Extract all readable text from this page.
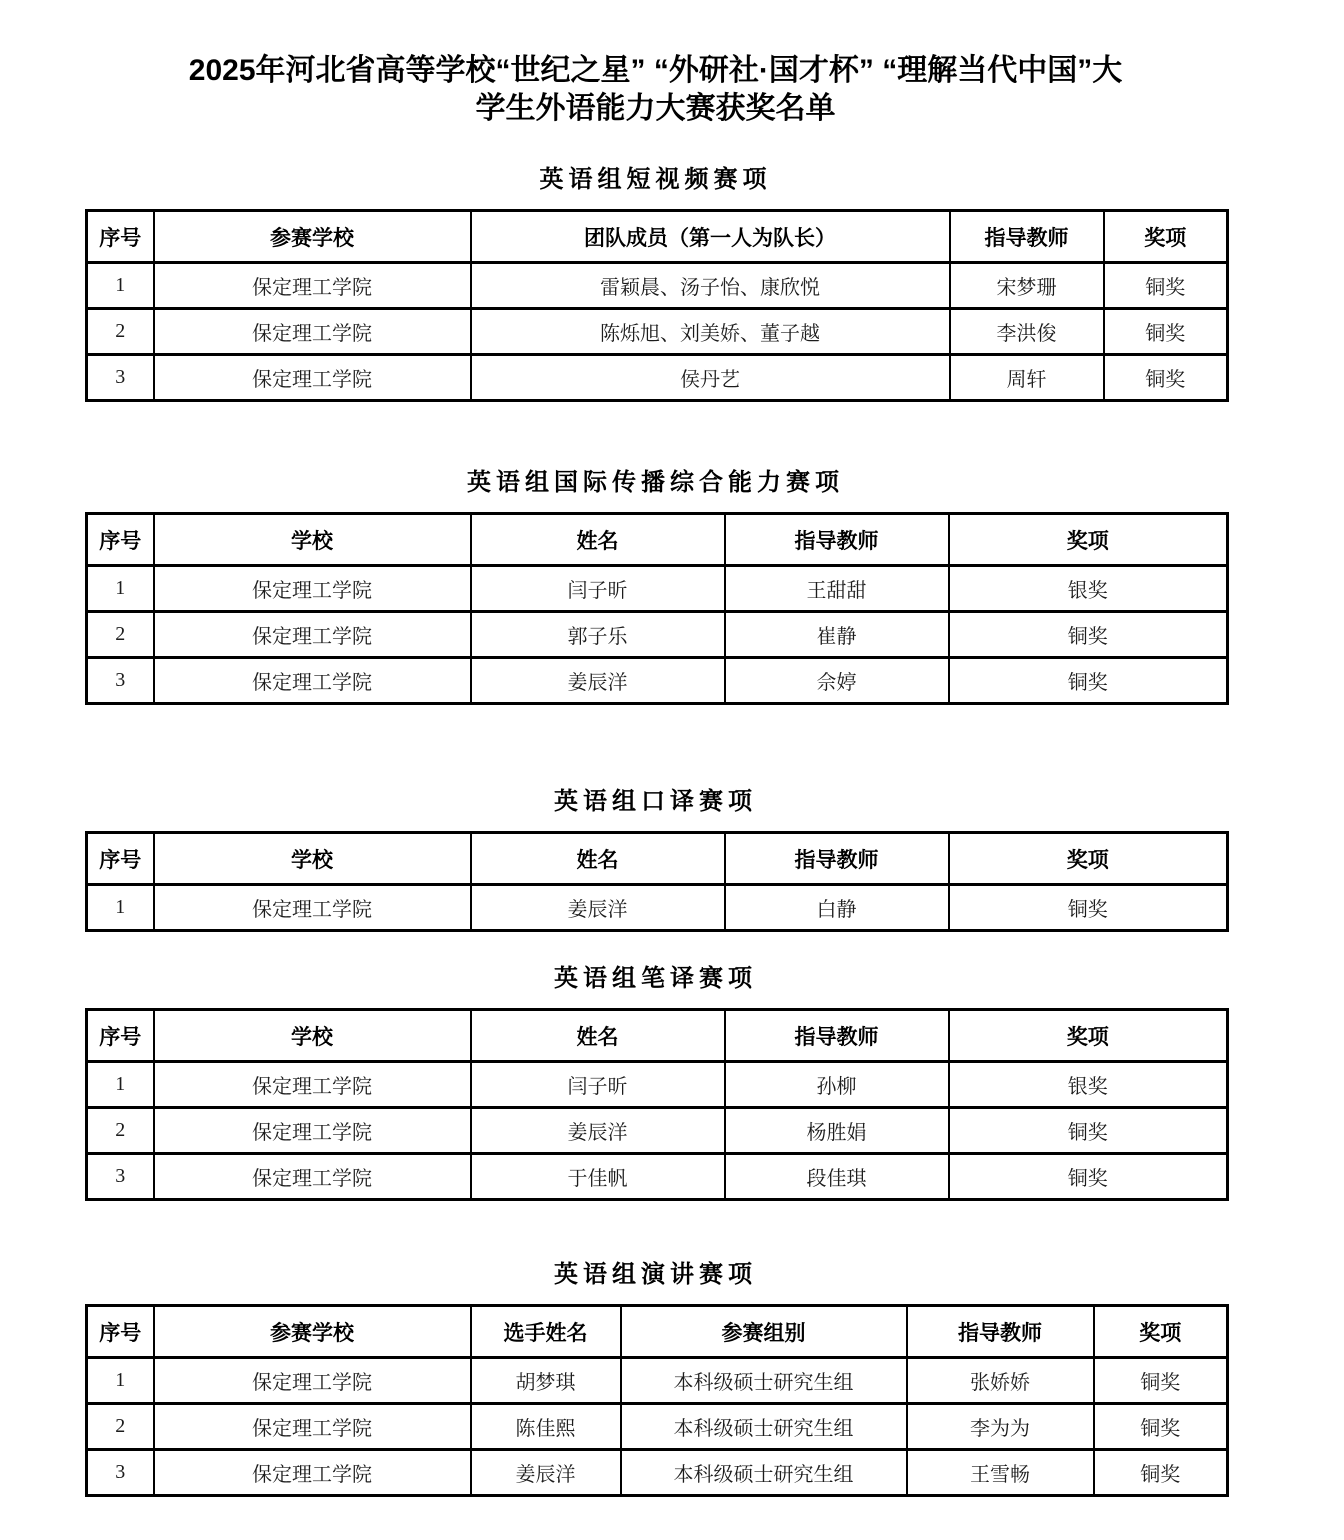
2025年河北省高等学校“世纪之星” “外研社·国才杯” “理解当代中国”大
学生外语能力大赛获奖名单
英语组短视频赛项
序号	参赛学校	团队成员（第一人为队长）	指导教师	奖项
1	保定理工学院	雷颖晨、汤子怡、康欣悦	宋梦珊	铜奖
2	保定理工学院	陈烁旭、刘美娇、董子越	李洪俊	铜奖
3	保定理工学院	侯丹艺	周轩	铜奖
英语组国际传播综合能力赛项
序号	学校	姓名	指导教师	奖项
1	保定理工学院	闫子昕	王甜甜	银奖
2	保定理工学院	郭子乐	崔静	铜奖
3	保定理工学院	姜辰洋	佘婷	铜奖
英语组口译赛项
序号	学校	姓名	指导教师	奖项
1	保定理工学院	姜辰洋	白静	铜奖
英语组笔译赛项
序号	学校	姓名	指导教师	奖项
1	保定理工学院	闫子昕	孙柳	银奖
2	保定理工学院	姜辰洋	杨胜娟	铜奖
3	保定理工学院	于佳帆	段佳琪	铜奖
英语组演讲赛项
序号	参赛学校	选手姓名	参赛组别	指导教师	奖项
1	保定理工学院	胡梦琪	本科级硕士研究生组	张娇娇	铜奖
2	保定理工学院	陈佳熙	本科级硕士研究生组	李为为	铜奖
3	保定理工学院	姜辰洋	本科级硕士研究生组	王雪畅	铜奖
